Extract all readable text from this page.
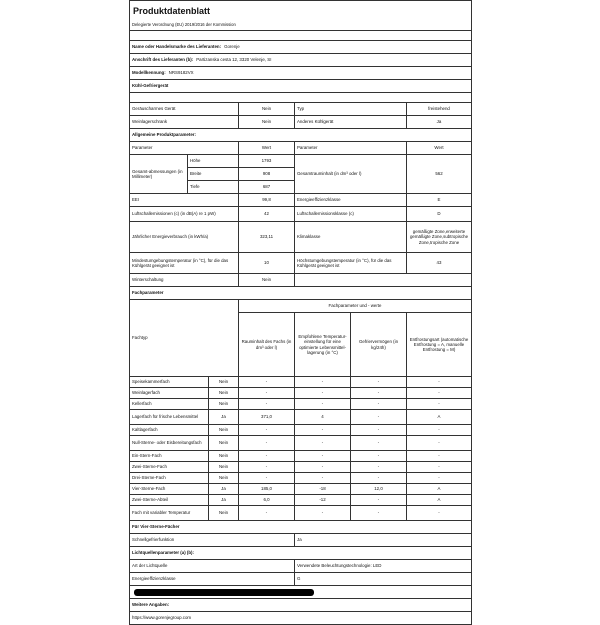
Produktdatenblatt						
Delegierte Verordnung (EU) 2019/2016 der Kommission						

Name oder Handelsmarke des Lieferanten: Gorenje						
Anschrift des Lieferanten (b): Partizanska cesta 12, 3320 Velenje, SI						
Modellkennung: NRS9182VX						
Kühl-Gefriergerät						

Geräuscharmes Gerät			Nein	Typ		freistehend
Weinlagerschrank			Nein	Anderes Kühlgerät		Ja
Allgemeine Produktparameter:						
Parameter			Wert	Parameter		Wert
Gesamt-abmessungen (in Millimeter)	Höhe		1793	Gesamtrauminhalt (in dm³ oder l)		562
	Breite		908			
	Tiefe		687			
EEI			99,8	Energieeffizienzklasse		E
Luftschallemissionen (c) (in dB(A) re 1 pW)			42	Luftschallemissionsklasse (c)		D
Jährlicher Energieverbrauch (in kWh/a)			323,11	Klimaklasse		gemäßigte Zone,erweiterte gemäßigte Zone,subtropische Zone,tropische Zone
Mindestumgebungstemperatur (in °C), für die das Kühlgerät geeignet ist			10	Höchstumgebungstemperatur (in °C), für die das Kühlgerät geeignet ist		43
Winterschaltung			Nein			
Fachparameter						
Fachtyp			Fachparameter und - werte			
			Rauminhalt des Fachs (in dm³ oder l)	Empfohlene Temperatur-einstellung für eine optimierte Lebensmittel-lagerung (in °C)	Gefriervermögen (in kg/24h)	Entfrostungsart (automatische Entfrostung = A, manuelle Entfrostung = M)
Speisekammerfach		Nein	-	-	-	-
Weinlagerfach		Nein	-	-	-	-
Kellerfach		Nein	-	-	-	-
Lagerfach für frische Lebensmittel		Ja	371,0	4	-	A
Kaltlagerfach		Nein	-	-	-	-
Null-Sterne- oder Eisbereitungsfach		Nein	-	-	-	-
Ein-Stern-Fach		Nein	-	-	-	-
Zwei-Sterne-Fach		Nein	-	-	-	-
Drei-Sterne-Fach		Nein	-	-	-	-
Vier-Sterne-Fach		Ja	185,0	-18	12,0	A
Zwei-Sterne-Abteil		Ja	6,0	-12	-	A
Fach mit variabler Temperatur		Nein	-	-	-	-
Für Vier-Sterne-Fächer						
Schnellgefrierfunktion				Ja		
Lichtquellenparameter (a) (b):						
Art der Lichtquelle				Verwendete Beleuchtungstechnologie: LED		
Energieeffizienzklasse				G		

Weitere Angaben:						
https://www.gorenjegroup.com						
